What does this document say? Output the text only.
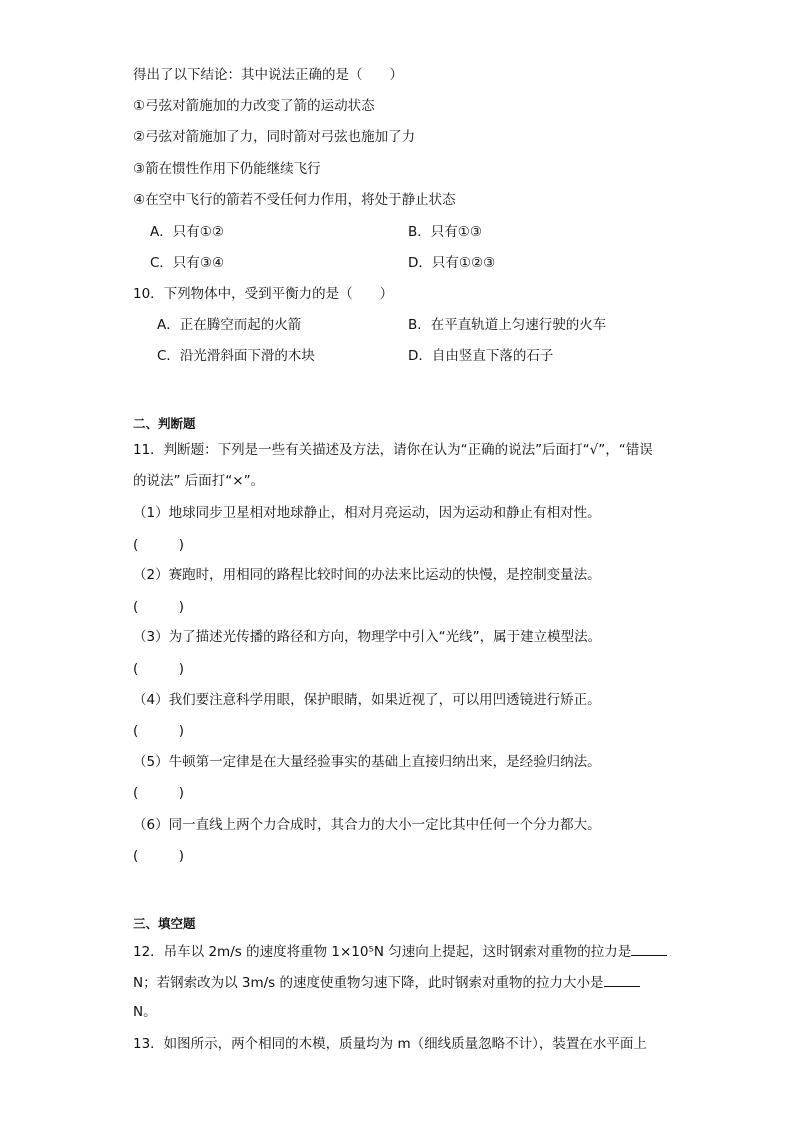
得出了以下结论：其中说法正确的是（　　）
①弓弦对箭施加的力改变了箭的运动状态
②弓弦对箭施加了力，同时箭对弓弦也施加了力
③箭在惯性作用下仍能继续飞行
④在空中飞行的箭若不受任何力作用，将处于静止状态
A．只有①②	B．只有①③
C．只有③④	D．只有①②③
10．下列物体中，受到平衡力的是（　　）
A．正在腾空而起的火箭	B．在平直轨道上匀速行驶的火车
C．沿光滑斜面下滑的木块	D．自由竖直下落的石子
二、判断题
11．判断题：下列是一些有关描述及方法，请你在认为“正确的说法”后面打“√”，“错误
的说法” 后面打“×”。
（1）地球同步卫星相对地球静止，相对月亮运动，因为运动和静止有相对性。
(　　　)
（2）赛跑时，用相同的路程比较时间的办法来比运动的快慢，是控制变量法。
(　　　)
（3）为了描述光传播的路径和方向，物理学中引入“光线”，属于建立模型法。
(　　　)
（4）我们要注意科学用眼，保护眼睛，如果近视了，可以用凹透镜进行矫正。
(　　　)
（5）牛顿第一定律是在大量经验事实的基础上直接归纳出来，是经验归纳法。
(　　　)
（6）同一直线上两个力合成时，其合力的大小一定比其中任何一个分力都大。
(　　　)
三、填空题
12．吊车以 2m/s 的速度将重物 1×10⁵N 匀速向上提起，这时钢索对重物的拉力是
N；若钢索改为以 3m/s 的速度使重物匀速下降，此时钢索对重物的拉力大小是
N。
13．如图所示，两个相同的木模，质量均为 m（细线质量忽略不计），装置在水平面上
